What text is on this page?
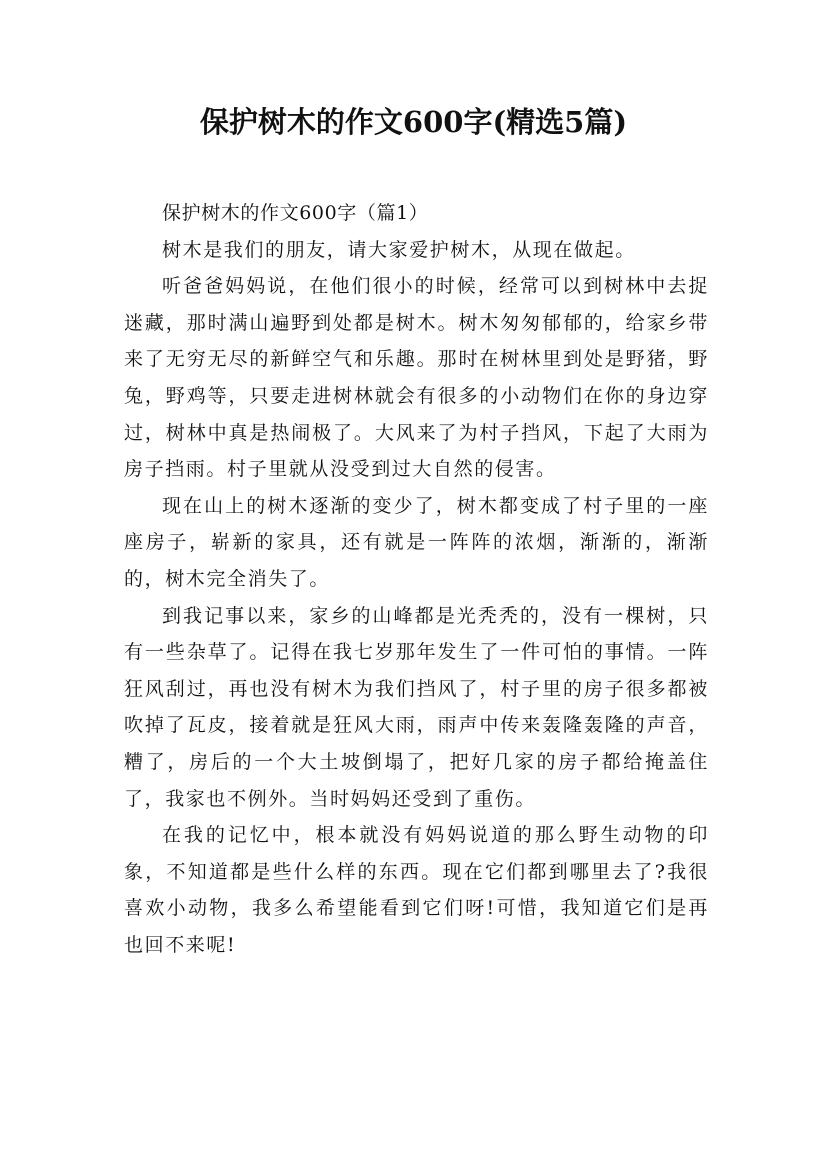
保护树木的作文600字(精选5篇)

保护树木的作文600字（篇1）

树木是我们的朋友，请大家爱护树木，从现在做起。

听爸爸妈妈说，在他们很小的时候，经常可以到树林中去捉迷藏，那时满山遍野到处都是树木。树木匆匆郁郁的，给家乡带来了无穷无尽的新鲜空气和乐趣。那时在树林里到处是野猪，野兔，野鸡等，只要走进树林就会有很多的小动物们在你的身边穿过，树林中真是热闹极了。大风来了为村子挡风，下起了大雨为房子挡雨。村子里就从没受到过大自然的侵害。

现在山上的树木逐渐的变少了，树木都变成了村子里的一座座房子，崭新的家具，还有就是一阵阵的浓烟，渐渐的，渐渐的，树木完全消失了。

到我记事以来，家乡的山峰都是光秃秃的，没有一棵树，只有一些杂草了。记得在我七岁那年发生了一件可怕的事情。一阵狂风刮过，再也没有树木为我们挡风了，村子里的房子很多都被吹掉了瓦皮，接着就是狂风大雨，雨声中传来轰隆轰隆的声音，糟了，房后的一个大土坡倒塌了，把好几家的房子都给掩盖住了，我家也不例外。当时妈妈还受到了重伤。

在我的记忆中，根本就没有妈妈说道的那么野生动物的印象，不知道都是些什么样的东西。现在它们都到哪里去了?我很喜欢小动物，我多么希望能看到它们呀!可惜，我知道它们是再也回不来呢!
